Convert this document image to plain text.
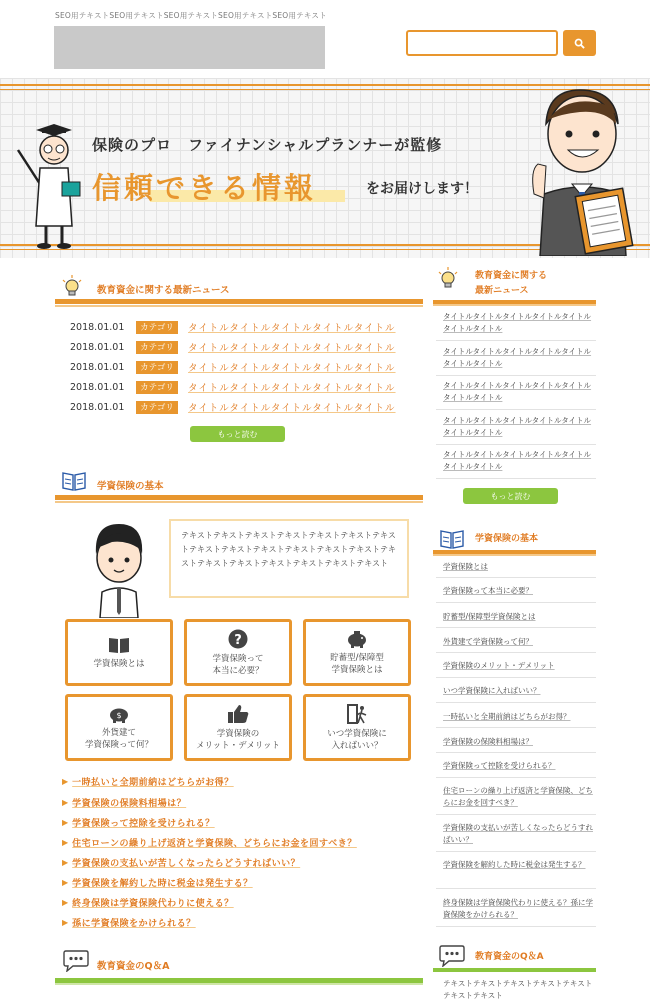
SEO用テキストSEO用テキストSEO用テキストSEO用テキストSEO用テキスト
保険のプロ　ファイナンシャルプランナーが監修
信頼できる情報	をお届けします！
教育資金に関する最新ニュース
2018.01.01	カテゴリ	タイトルタイトルタイトルタイトルタイトル
2018.01.01	カテゴリ	タイトルタイトルタイトルタイトルタイトル
2018.01.01	カテゴリ	タイトルタイトルタイトルタイトルタイトル
2018.01.01	カテゴリ	タイトルタイトルタイトルタイトルタイトル
2018.01.01	カテゴリ	タイトルタイトルタイトルタイトルタイトル
もっと読む
学資保険の基本
テキストテキストテキストテキストテキストテキストテキストテキストテキストテキストテキストテキストテキストテキストテキストテキストテキストテキストテキストテキスト
学資保険とは
?
学資保険って
本当に必要？
貯蓄型/保障型
学資保険とは
$
外貨建て
学資保険って何？
学資保険の
メリット・デメリット
いつ学資保険に
入ればいい？
▶ 一時払いと全期前納はどちらがお得？
▶ 学資保険の保険料相場は？
▶ 学資保険って控除を受けられる？
▶ 住宅ローンの繰り上げ返済と学資保険、どちらにお金を回すべき？
▶ 学資保険の支払いが苦しくなったらどうすればいい？
▶ 学資保険を解約した時に税金は発生する？
▶ 終身保険は学資保険代わりに使える？
▶ 孫に学資保険をかけられる？
教育資金のQ＆A
教育資金に関する
最新ニュース
タイトルタイトルタイトルタイトルタイトルタイトルタイトル
タイトルタイトルタイトルタイトルタイトルタイトルタイトル
タイトルタイトルタイトルタイトルタイトルタイトルタイトル
タイトルタイトルタイトルタイトルタイトルタイトルタイトル
タイトルタイトルタイトルタイトルタイトルタイトルタイトル
もっと読む
学資保険の基本
学資保険とは
学資保険って本当に必要？
貯蓄型/保障型学資保険とは
外貨建て学資保険って何？
学資保険のメリット・デメリット
いつ学資保険に入ればいい？
一時払いと全期前納はどちらがお得？
学資保険の保険料相場は？
学資保険って控除を受けられる？
住宅ローンの繰り上げ返済と学資保険、どちらにお金を回すべき？
学資保険の支払いが苦しくなったらどうすればいい？
学資保険を解約した時に税金は発生する？
終身保険は学資保険代わりに使える？孫に学資保険をかけられる？
教育資金のQ＆A
テキストテキストテキストテキストテキストテキストテキスト
